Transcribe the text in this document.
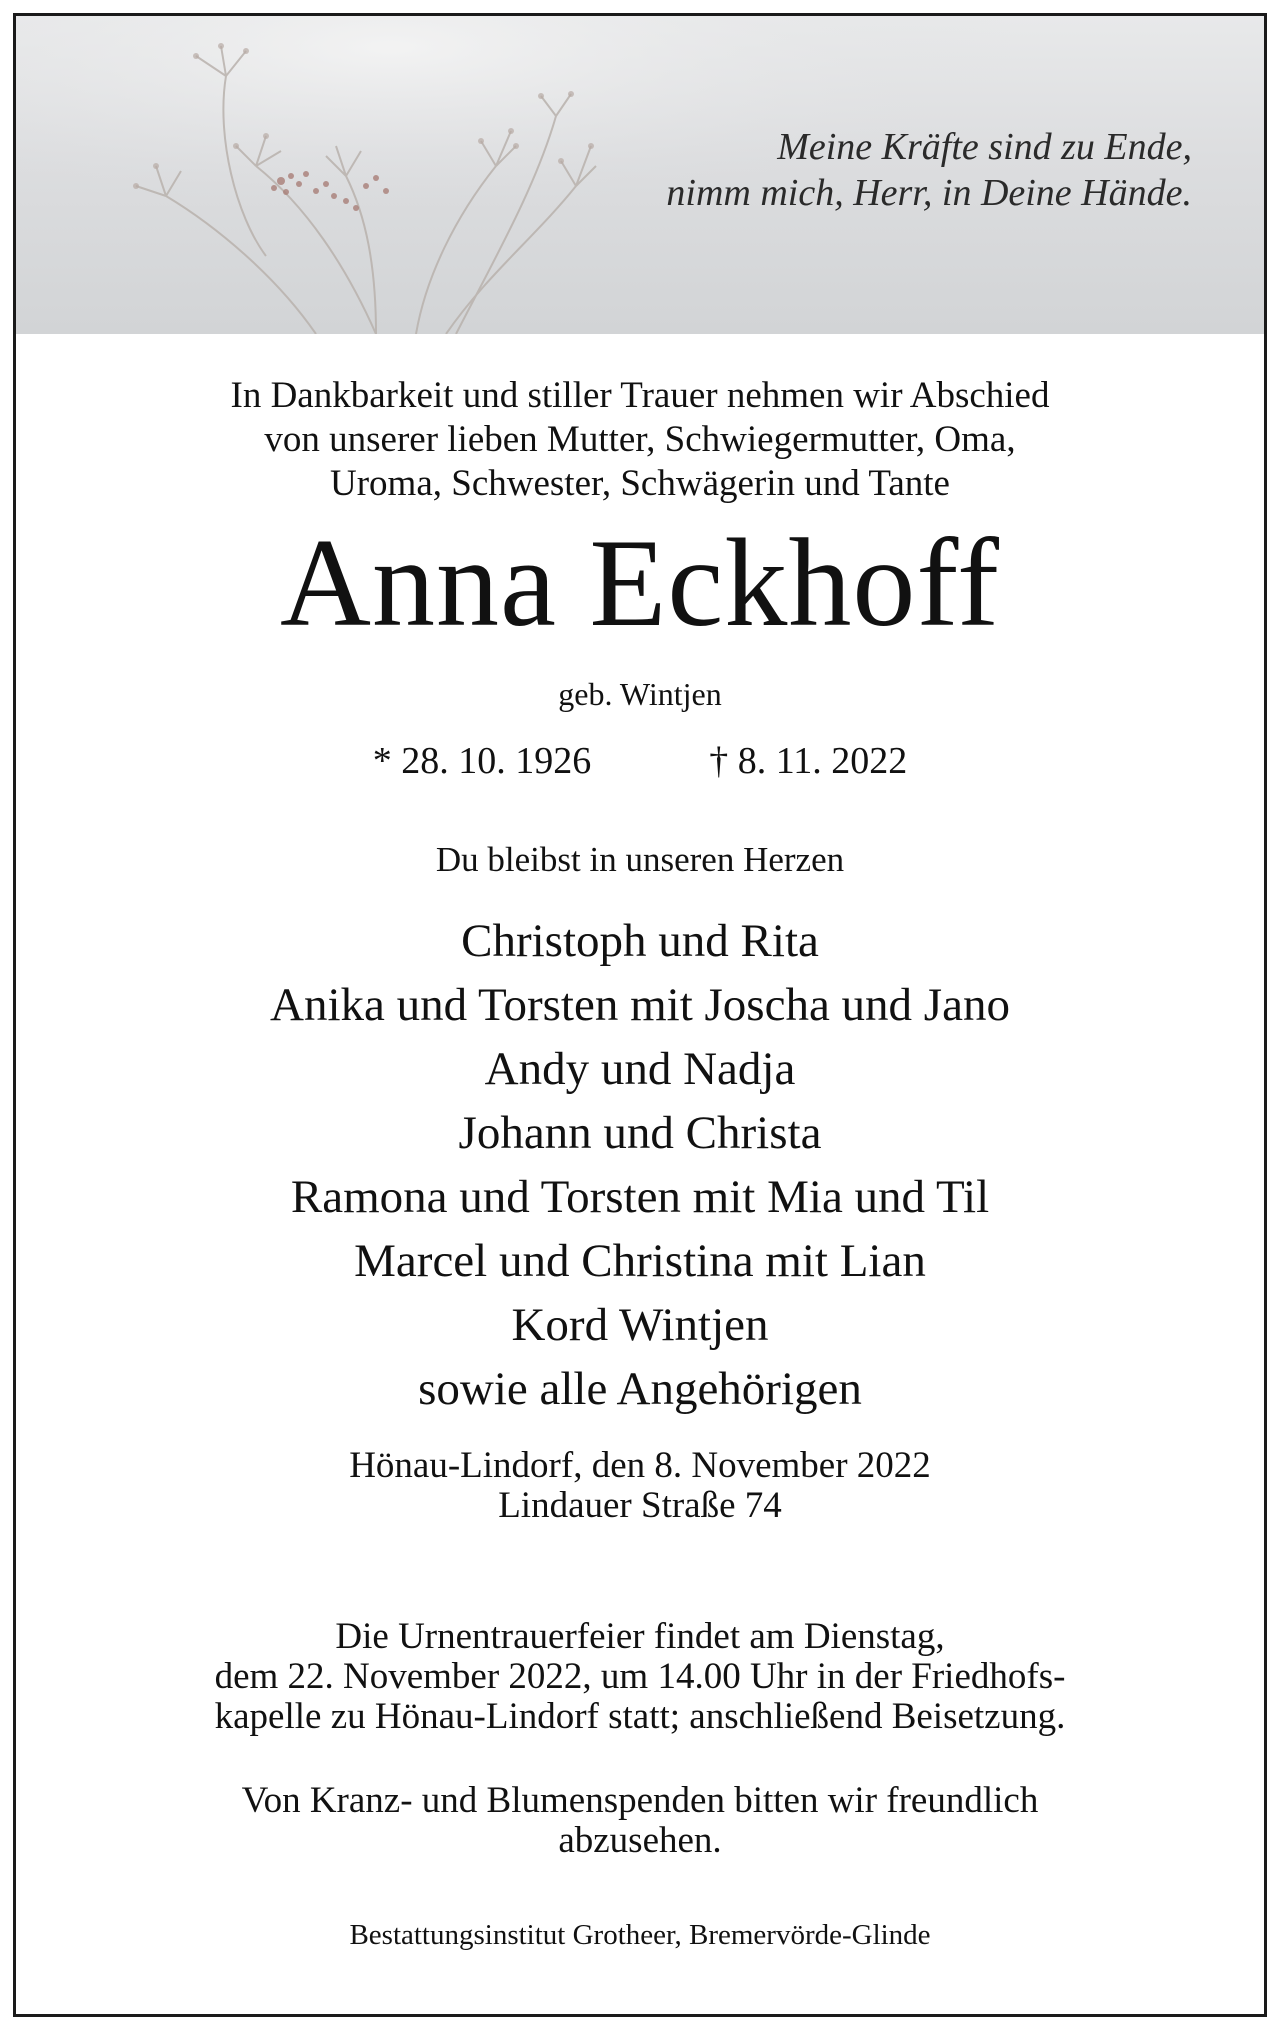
Meine Kräfte sind zu Ende,
nimm mich, Herr, in Deine Hände.
In Dankbarkeit und stiller Trauer nehmen wir Abschied
von unserer lieben Mutter, Schwiegermutter, Oma,
Uroma, Schwester, Schwägerin und Tante
Anna Eckhoff
geb. Wintjen
* 28. 10. 1926	† 8. 11. 2022
Du bleibst in unseren Herzen
Christoph und Rita
Anika und Torsten mit Joscha und Jano
Andy und Nadja
Johann und Christa
Ramona und Torsten mit Mia und Til
Marcel und Christina mit Lian
Kord Wintjen
sowie alle Angehörigen
Hönau-Lindorf, den 8. November 2022
Lindauer Straße 74
Die Urnentrauerfeier findet am Dienstag,
dem 22. November 2022, um 14.00 Uhr in der Friedhofs-
kapelle zu Hönau-Lindorf statt; anschließend Beisetzung.
Von Kranz- und Blumenspenden bitten wir freundlich
abzusehen.
Bestattungsinstitut Grotheer, Bremervörde-Glinde
